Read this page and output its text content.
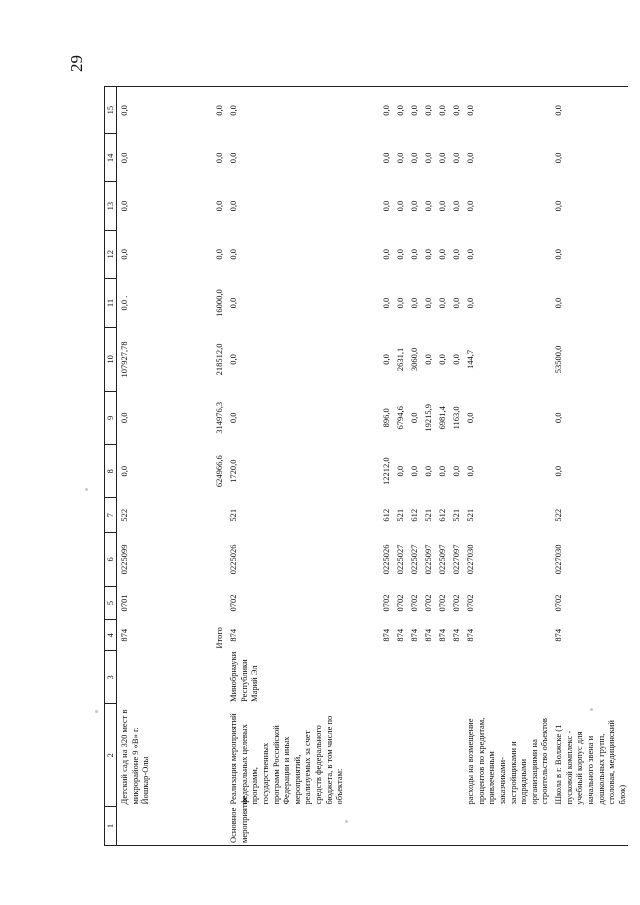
29
1	2	3	4	5	6	7	8	9	10	11	12	13	14	15
	Детский сад на 320 мест в микрорайоне 9 «В» г. Йошкар-Олы		874	0701	0225099	522	0,0	0,0	107927,78	0,0 .	0,0	0,0	0,0	0,0
			Итого				624966,6	314976,3	218512,0	16000,0	0,0	0,0	0,0	0,0
Основное мероприятие	Реализация мероприятий федеральных целевых программ, государственных программ Российской Федерации и иных мероприятий, реализуемых за счет средств федерального бюджета, в том числе по объектам:	Минобрнауки Республики Марий Эл	874	0702	0225026	521	1720,0	0,0	0,0	0,0	0,0	0,0	0,0	0,0
			874	0702	0225026	612	12212,0	896,0	0,0	0,0	0,0	0,0	0,0	0,0
			874	0702	0225027	521	0,0	6794,6	2631,1	0,0	0,0	0,0	0,0	0,0
			874	0702	0225027	612	0,0	0,0	3060,0	0,0	0,0	0,0	0,0	0,0
			874	0702	0225097	521	0,0	19215,9	0,0	0,0	0,0	0,0	0,0	0,0
			874	0702	0225097	612	0,0	6981,4	0,0	0,0	0,0	0,0	0,0	0,0
			874	0702	0227097	521	0,0	1163,0	0,0	0,0	0,0	0,0	0,0	0,0
	расходы на возмещение процентов по кредитам, привлеченным заказчиками-застройщиками и подрядными организациями на строительство объектов		874	0702	0227030	521	0,0	0,0	144,7	0,0	0,0	0,0	0,0	0,0
	Школа в г. Волжске (1 пусковой комплекс - учебный корпус для начального звена и дошкольных групп, столовая, медицинский блок)		874	0702	0227030	522	0,0	0,0	53500,0	0,0	0,0	0,0	0,0	0,0
